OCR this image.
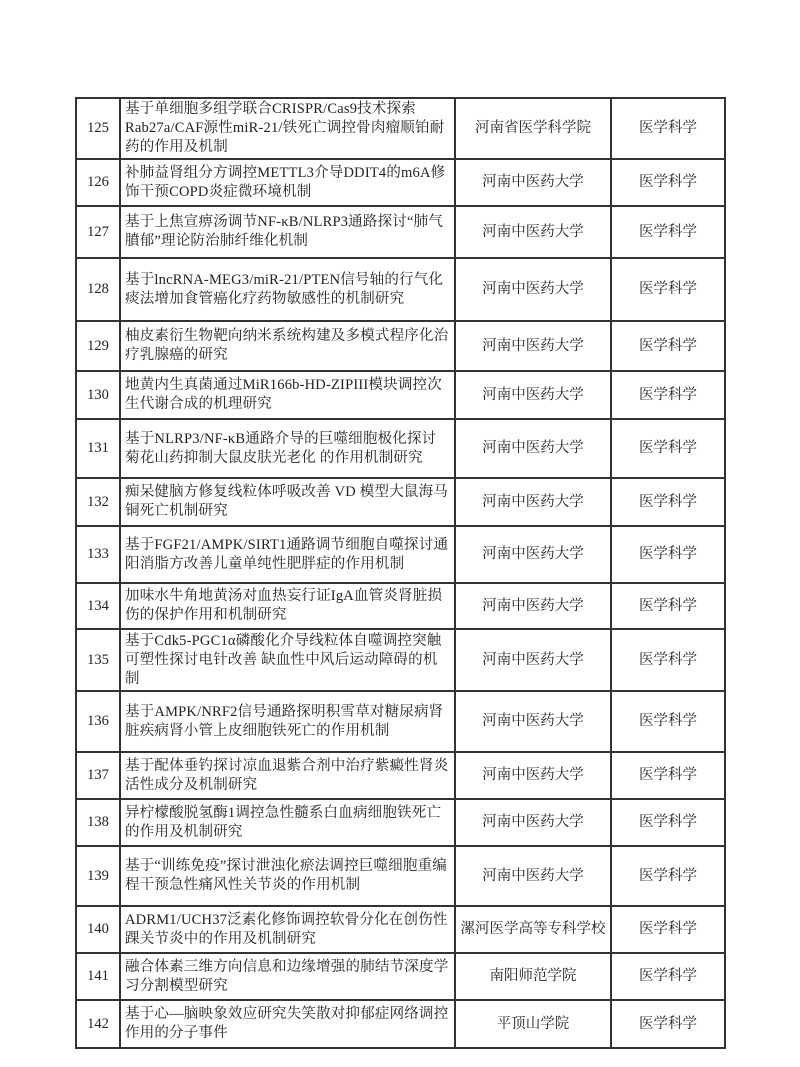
125	基于单细胞多组学联合CRISPR/Cas9技术探索Rab27a/CAF源性miR-21/铁死亡调控骨肉瘤顺铂耐药的作用及机制	河南省医学科学院	医学科学
126	补肺益肾组分方调控METTL3介导DDIT4的m6A修饰干预COPD炎症微环境机制	河南中医药大学	医学科学
127	基于上焦宣痹汤调节NF-κB/NLRP3通路探讨“肺气膹郁”理论防治肺纤维化机制	河南中医药大学	医学科学
128	基于lncRNA-MEG3/miR-21/PTEN信号轴的行气化痰法增加食管癌化疗药物敏感性的机制研究	河南中医药大学	医学科学
129	柚皮素衍生物靶向纳米系统构建及多模式程序化治疗乳腺癌的研究	河南中医药大学	医学科学
130	地黄内生真菌通过MiR166b-HD-ZIPIII模块调控次生代谢合成的机理研究	河南中医药大学	医学科学
131	基于NLRP3/NF-κB通路介导的巨噬细胞极化探讨菊花山药抑制大鼠皮肤光老化 的作用机制研究	河南中医药大学	医学科学
132	痴呆健脑方修复线粒体呼吸改善 VD 模型大鼠海马铜死亡机制研究	河南中医药大学	医学科学
133	基于FGF21/AMPK/SIRT1通路调节细胞自噬探讨通阳消脂方改善儿童单纯性肥胖症的作用机制	河南中医药大学	医学科学
134	加味水牛角地黄汤对血热妄行证IgA血管炎肾脏损伤的保护作用和机制研究	河南中医药大学	医学科学
135	基于Cdk5-PGC1α磷酸化介导线粒体自噬调控突触可塑性探讨电针改善 缺血性中风后运动障碍的机制	河南中医药大学	医学科学
136	基于AMPK/NRF2信号通路探明积雪草对糖尿病肾脏疾病肾小管上皮细胞铁死亡的作用机制	河南中医药大学	医学科学
137	基于配体垂钓探讨凉血退紫合剂中治疗紫癜性肾炎活性成分及机制研究	河南中医药大学	医学科学
138	异柠檬酸脱氢酶1调控急性髓系白血病细胞铁死亡的作用及机制研究	河南中医药大学	医学科学
139	基于“训练免疫”探讨泄浊化瘀法调控巨噬细胞重编程干预急性痛风性关节炎的作用机制	河南中医药大学	医学科学
140	ADRM1/UCH37泛素化修饰调控软骨分化在创伤性踝关节炎中的作用及机制研究	漯河医学高等专科学校	医学科学
141	融合体素三维方向信息和边缘增强的肺结节深度学习分割模型研究	南阳师范学院	医学科学
142	基于心—脑映象效应研究失笑散对抑郁症网络调控作用的分子事件	平顶山学院	医学科学
